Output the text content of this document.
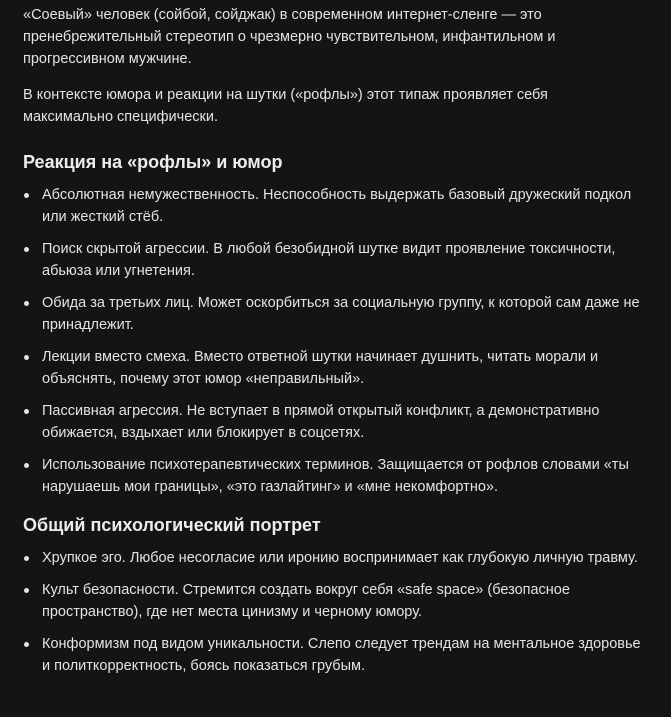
«Соевый» человек (сойбой, сойджак) в современном интернет-сленге — это пренебрежительный стереотип о чрезмерно чувствительном, инфантильном и прогрессивном мужчине.

В контексте юмора и реакции на шутки («рофлы») этот типаж проявляет себя максимально специфически.

Реакция на «рофлы» и юмор
Абсолютная немужественность. Неспособность выдержать базовый дружеский подкол или жесткий стёб.
Поиск скрытой агрессии. В любой безобидной шутке видит проявление токсичности, абьюза или угнетения.
Обида за третьих лиц. Может оскорбиться за социальную группу, к которой сам даже не принадлежит.
Лекции вместо смеха. Вместо ответной шутки начинает душнить, читать морали и объяснять, почему этот юмор «неправильный».
Пассивная агрессия. Не вступает в прямой открытый конфликт, а демонстративно обижается, вздыхает или блокирует в соцсетях.
Использование психотерапевтических терминов. Защищается от рофлов словами «ты нарушаешь мои границы», «это газлайтинг» и «мне некомфортно».
Общий психологический портрет
Хрупкое эго. Любое несогласие или иронию воспринимает как глубокую личную травму.
Культ безопасности. Стремится создать вокруг себя «safe space» (безопасное пространство), где нет места цинизму и черному юмору.
Конформизм под видом уникальности. Слепо следует трендам на ментальное здоровье и политкорректность, боясь показаться грубым.
